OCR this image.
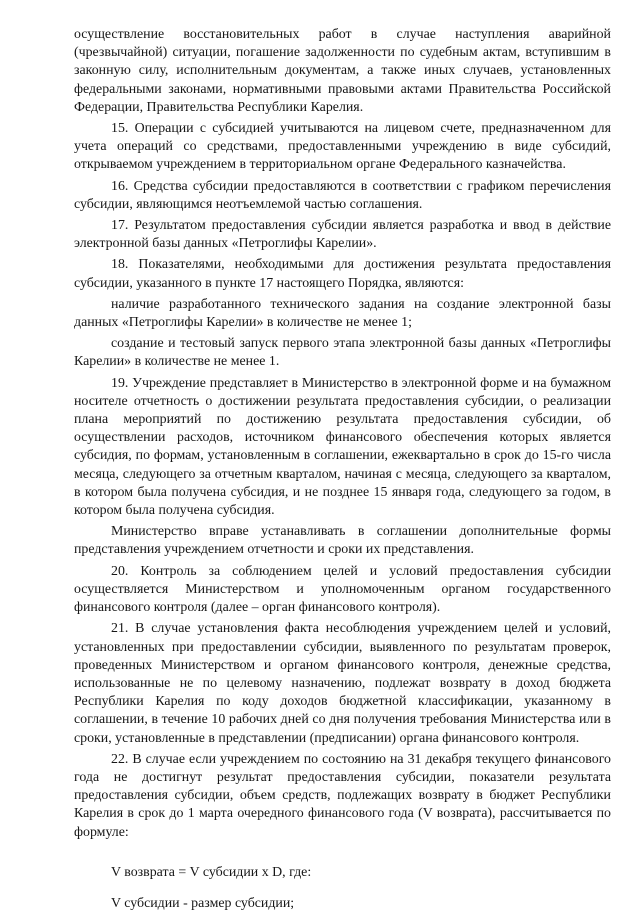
осуществление восстановительных работ в случае наступления аварийной (чрезвычайной) ситуации, погашение задолженности по судебным актам, вступившим в законную силу, исполнительным документам, а также иных случаев, установленных федеральными законами, нормативными правовыми актами Правительства Российской Федерации, Правительства Республики Карелия.

15. Операции с субсидией учитываются на лицевом счете, предназначенном для учета операций со средствами, предоставленными учреждению в виде субсидий, открываемом учреждением в территориальном органе Федерального казначейства.

16. Средства субсидии предоставляются в соответствии с графиком перечисления субсидии, являющимся неотъемлемой частью соглашения.

17. Результатом предоставления субсидии является разработка и ввод в действие электронной базы данных «Петроглифы Карелии».

18. Показателями, необходимыми для достижения результата предоставления субсидии, указанного в пункте 17 настоящего Порядка, являются:

наличие разработанного технического задания на создание электронной базы данных «Петроглифы Карелии» в количестве не менее 1;

создание и тестовый запуск первого этапа электронной базы данных «Петроглифы Карелии» в количестве не менее 1.

19. Учреждение представляет в Министерство в электронной форме и на бумажном носителе отчетность о достижении результата предоставления субсидии, о реализации плана мероприятий по достижению результата предоставления субсидии, об осуществлении расходов, источником финансового обеспечения которых является субсидия, по формам, установленным в соглашении, ежеквартально в срок до 15-го числа месяца, следующего за отчетным кварталом, начиная с месяца, следующего за кварталом, в котором была получена субсидия, и не позднее 15 января года, следующего за годом, в котором была получена субсидия.

Министерство вправе устанавливать в соглашении дополнительные формы представления учреждением отчетности и сроки их представления.

20. Контроль за соблюдением целей и условий предоставления субсидии осуществляется Министерством и уполномоченным органом государственного финансового контроля (далее – орган финансового контроля).

21. В случае установления факта несоблюдения учреждением целей и условий, установленных при предоставлении субсидии, выявленного по результатам проверок, проведенных Министерством и органом финансового контроля, денежные средства, использованные не по целевому назначению, подлежат возврату в доход бюджета Республики Карелия по коду доходов бюджетной классификации, указанному в соглашении, в течение 10 рабочих дней со дня получения требования Министерства или в сроки, установленные в представлении (предписании) органа финансового контроля.

22. В случае если учреждением по состоянию на 31 декабря текущего финансового года не достигнут результат предоставления субсидии, показатели результата предоставления субсидии, объем средств, подлежащих возврату в бюджет Республики Карелия в срок до 1 марта очередного финансового года (V возврата), рассчитывается по формуле:

V возврата = V субсидии x D, где:

V субсидии - размер субсидии;
